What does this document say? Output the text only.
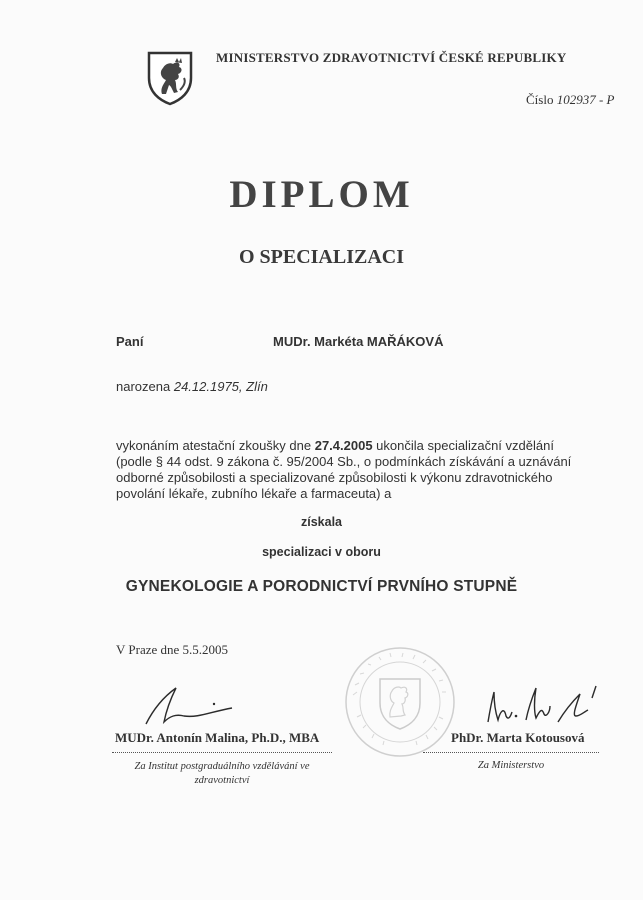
MINISTERSTVO ZDRAVOTNICTVÍ ČESKÉ REPUBLIKY
Číslo 102937 - P
DIPLOM
O SPECIALIZACI
Paní	MUDr. Markéta MAŘÁKOVÁ
narozena 24.12.1975, Zlín
vykonáním atestační zkoušky dne 27.4.2005 ukončila specializační vzdělání
(podle § 44 odst. 9 zákona č. 95/2004 Sb., o podmínkách získávání a uznávání
odborné způsobilosti a specializované způsobilosti k výkonu zdravotnického
povolání lékaře, zubního lékaře a farmaceuta) a
získala
specializaci v oboru
GYNEKOLOGIE A PORODNICTVÍ PRVNÍHO STUPNĚ
V Praze dne 5.5.2005
MUDr. Antonín Malina, Ph.D., MBA	PhDr. Marta Kotousová
Za Institut postgraduálního vzdělávání ve
zdravotnictví
Za Ministerstvo
